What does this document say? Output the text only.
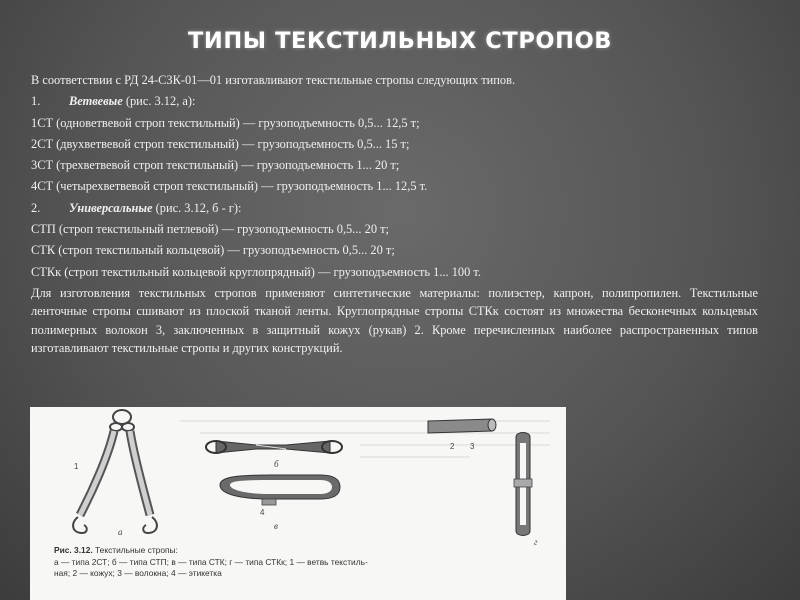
ТИПЫ ТЕКСТИЛЬНЫХ СТРОПОВ
В соответствии с РД 24-СЗК-01—01 изготавливают текстильные стропы следующих типов.
1. Ветвевые (рис. 3.12, а):
1СТ (одноветвевой строп текстильный) — грузоподъемность 0,5... 12,5 т;
2СТ (двухветвевой строп текстильный) — грузоподъемность 0,5... 15 т;
3СТ (трехветвевой строп текстильный) — грузоподъемность 1... 20 т;
4СТ (четырехветвевой строп текстильный) — грузоподъемность 1... 12,5 т.
2. Универсальные (рис. 3.12, б - г):
СТП (строп текстильный петлевой) — грузоподъемность 0,5... 20 т;
СТК (строп текстильный кольцевой) — грузоподъемность 0,5... 20 т;
СТКк (строп текстильный кольцевой круглопрядный) — грузоподъемность 1... 100 т.
Для изготовления текстильных стропов применяют синтетические материалы: полиэстер, капрон, полипропилен. Текстильные ленточные стропы сшивают из плоской тканой ленты. Круглопрядные стропы СТКк состоят из множества бесконечных кольцевых полимерных волокон 3, заключенных в защитный кожух (рукав) 2. Кроме перечисленных наиболее распространенных типов изготавливают текстильные стропы и других конструкций.
1
а
б
4
в
2 3
г
Рис. 3.12. Текстильные стропы:
а — типа 2СТ; б — типа СТП; в — типа СТК; г — типа СТКк; 1 — ветвь текстиль-
ная; 2 — кожух; 3 — волокна; 4 — этикетка
